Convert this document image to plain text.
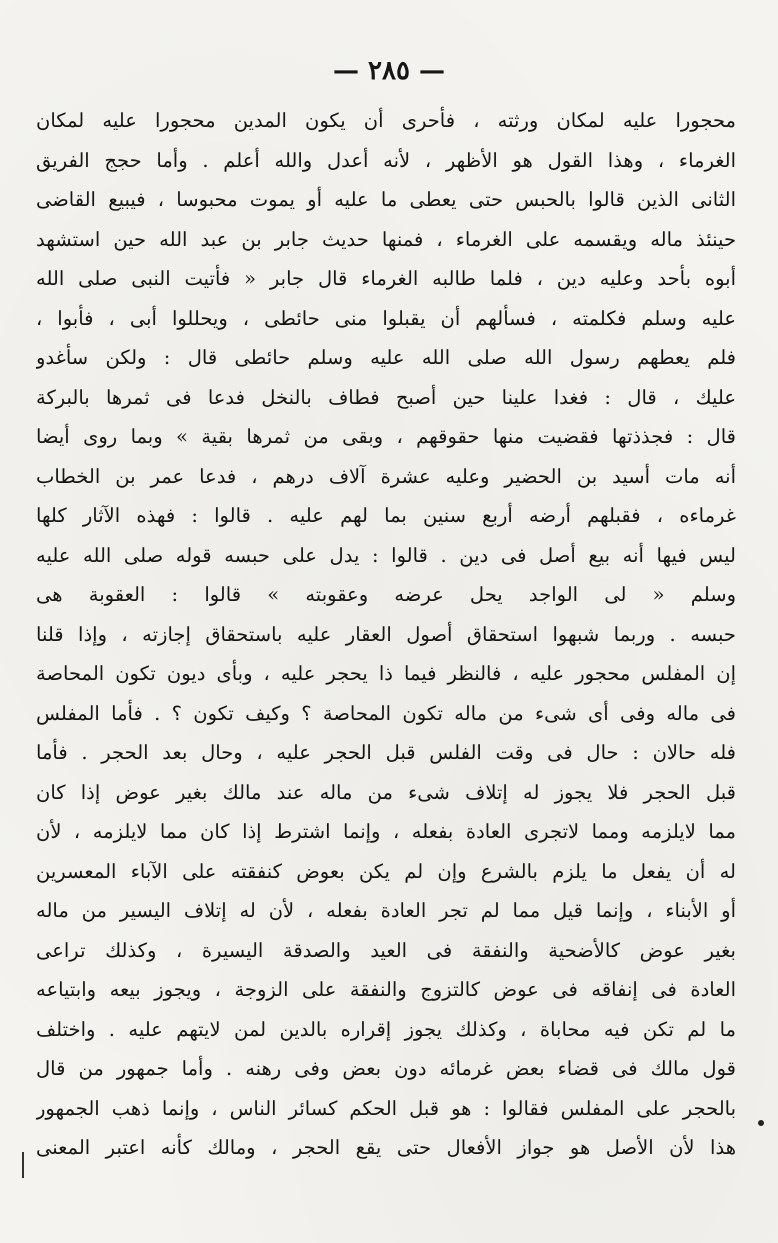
— ٢٨٥ —
محجورا عليه لمكان ورثته ، فأحرى أن يكون المدين محجورا عليه لمكان
الغرماء ، وهذا القول هو الأظهر ، لأنه أعدل والله أعلم . وأما حجج الفريق
الثانى الذين قالوا بالحبس حتى يعطى ما عليه أو يموت محبوسا ، فيبيع القاضى
حينئذ ماله ويقسمه على الغرماء ، فمنها حديث جابر بن عبد الله حين استشهد
أبوه بأحد وعليه دين ، فلما طالبه الغرماء قال جابر « فأتيت النبى صلى الله
عليه وسلم فكلمته ، فسألهم أن يقبلوا منى حائطى ، ويحللوا أبى ، فأبوا ،
فلم يعطهم رسول الله صلى الله عليه وسلم حائطى قال : ولكن سأغدو
عليك ، قال : فغدا علينا حين أصبح فطاف بالنخل فدعا فى ثمرها بالبركة
قال : فجذذتها فقضيت منها حقوقهم ، وبقى من ثمرها بقية » وبما روى أيضا
أنه مات أسيد بن الحضير وعليه عشرة آلاف درهم ، فدعا عمر بن الخطاب
غرماءه ، فقبلهم أرضه أربع سنين بما لهم عليه . قالوا : فهذه الآثار كلها
ليس فيها أنه بيع أصل فى دين . قالوا : يدل على حبسه قوله صلى الله عليه
وسلم « لى الواجد يحل عرضه وعقوبته » قالوا : العقوبة هى
حبسه . وربما شبهوا استحقاق أصول العقار عليه باستحقاق إجازته ، وإذا قلنا
إن المفلس محجور عليه ، فالنظر فيما ذا يحجر عليه ، وبأى ديون تكون المحاصة
فى ماله وفى أى شىء من ماله تكون المحاصة ؟ وكيف تكون ؟ . فأما المفلس
فله حالان : حال فى وقت الفلس قبل الحجر عليه ، وحال بعد الحجر . فأما
قبل الحجر فلا يجوز له إتلاف شىء من ماله عند مالك بغير عوض إذا كان
مما لايلزمه ومما لاتجرى العادة بفعله ، وإنما اشترط إذا كان مما لايلزمه ، لأن
له أن يفعل ما يلزم بالشرع وإن لم يكن بعوض كنفقته على الآباء المعسرين
أو الأبناء ، وإنما قيل مما لم تجر العادة بفعله ، لأن له إتلاف اليسير من ماله
بغير عوض كالأضحية والنفقة فى العيد والصدقة اليسيرة ، وكذلك تراعى
العادة فى إنفاقه فى عوض كالتزوج والنفقة على الزوجة ، ويجوز بيعه وابتياعه
ما لم تكن فيه محاباة ، وكذلك يجوز إقراره بالدين لمن لايتهم عليه . واختلف
قول مالك فى قضاء بعض غرمائه دون بعض وفى رهنه . وأما جمهور من قال
بالحجر على المفلس فقالوا : هو قبل الحكم كسائر الناس ، وإنما ذهب الجمهور
هذا لأن الأصل هو جواز الأفعال حتى يقع الحجر ، ومالك كأنه اعتبر المعنى
